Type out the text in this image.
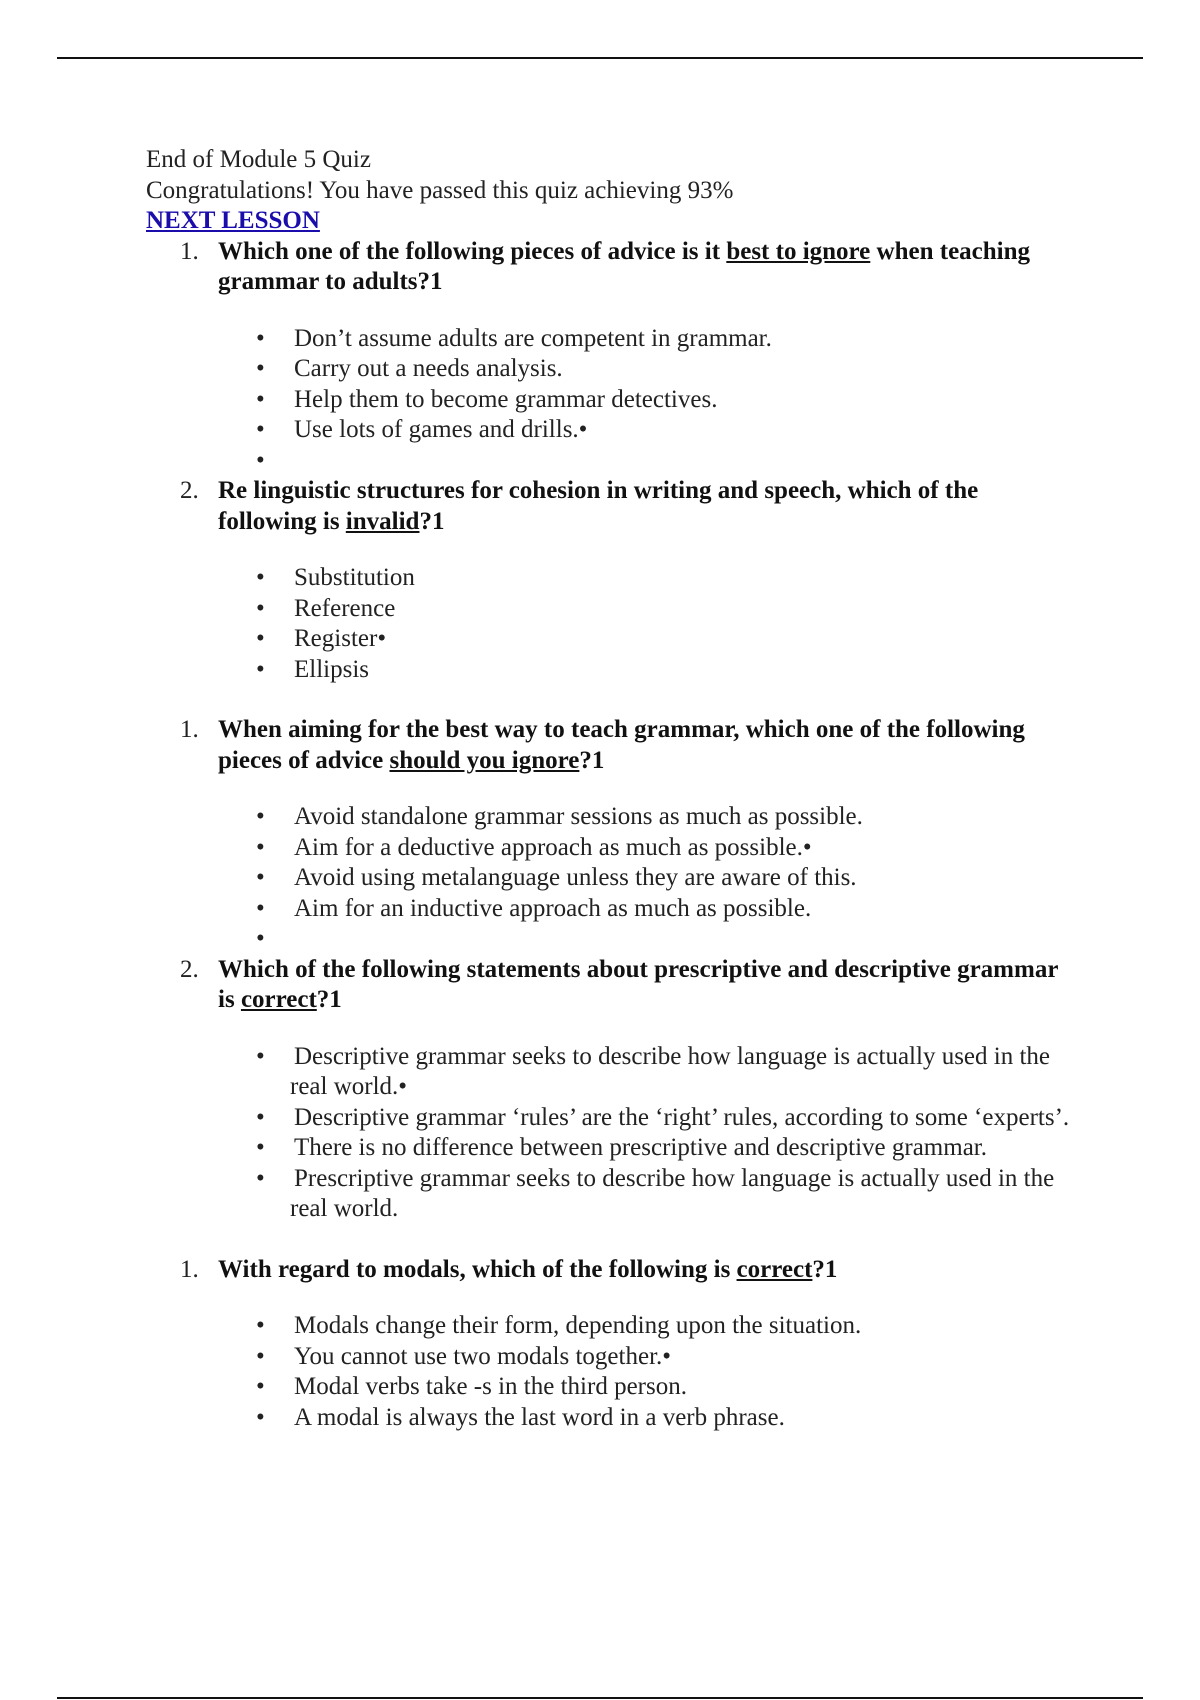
End of Module 5 Quiz

Congratulations! You have passed this quiz achieving 93%

NEXT LESSON

1. Which one of the following pieces of advice is it best to ignore when teaching grammar to adults?1
• Don’t assume adults are competent in grammar.
• Carry out a needs analysis.
• Help them to become grammar detectives.
• Use lots of games and drills.•
•
2. Re linguistic structures for cohesion in writing and speech, which of the following is invalid?1
• Substitution
• Reference
• Register•
• Ellipsis
1. When aiming for the best way to teach grammar, which one of the following pieces of advice should you ignore?1
• Avoid standalone grammar sessions as much as possible.
• Aim for a deductive approach as much as possible.•
• Avoid using metalanguage unless they are aware of this.
• Aim for an inductive approach as much as possible.
•
2. Which of the following statements about prescriptive and descriptive grammar is correct?1
• Descriptive grammar seeks to describe how language is actually used in the real world.•
• Descriptive grammar ‘rules’ are the ‘right’ rules, according to some ‘experts’.
• There is no difference between prescriptive and descriptive grammar.
• Prescriptive grammar seeks to describe how language is actually used in the real world.
1. With regard to modals, which of the following is correct?1
• Modals change their form, depending upon the situation.
• You cannot use two modals together.•
• Modal verbs take -s in the third person.
• A modal is always the last word in a verb phrase.
